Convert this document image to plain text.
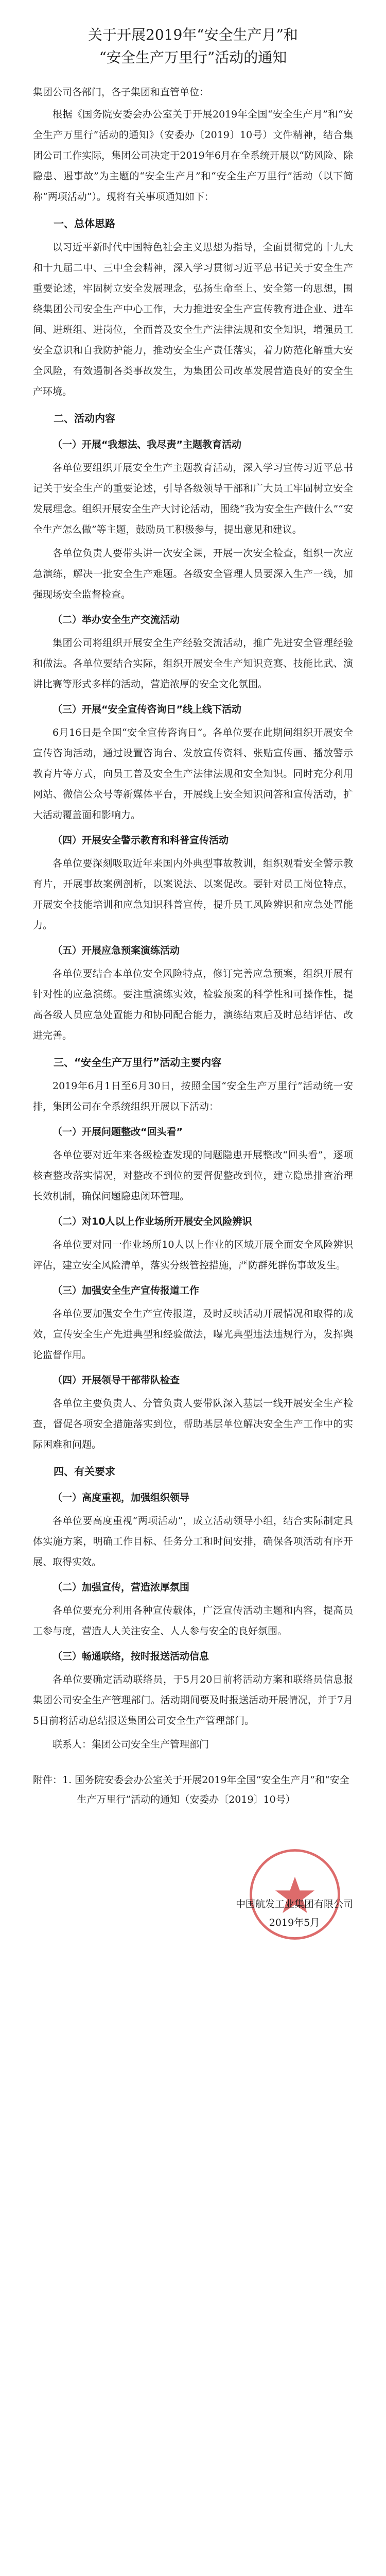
关于开展2019年“安全生产月”和
“安全生产万里行”活动的通知

集团公司各部门，各子集团和直管单位：

根据《国务院安委会办公室关于开展2019年全国“安全生产月”和“安全生产万里行”活动的通知》（安委办〔2019〕10号）文件精神，结合集团公司工作实际，集团公司决定于2019年6月在全系统开展以“防风险、除隐患、遏事故”为主题的“安全生产月”和“安全生产万里行”活动（以下简称“两项活动”）。现将有关事项通知如下：

一、总体思路

以习近平新时代中国特色社会主义思想为指导，全面贯彻党的十九大和十九届二中、三中全会精神，深入学习贯彻习近平总书记关于安全生产重要论述，牢固树立安全发展理念，弘扬生命至上、安全第一的思想，围绕集团公司安全生产中心工作，大力推进安全生产宣传教育进企业、进车间、进班组、进岗位，全面普及安全生产法律法规和安全知识，增强员工安全意识和自我防护能力，推动安全生产责任落实，着力防范化解重大安全风险，有效遏制各类事故发生，为集团公司改革发展营造良好的安全生产环境。

二、活动内容
（一）开展“我想法、我尽责”主题教育活动

各单位要组织开展安全生产主题教育活动，深入学习宣传习近平总书记关于安全生产的重要论述，引导各级领导干部和广大员工牢固树立安全发展理念。组织开展安全生产大讨论活动，围绕“我为安全生产做什么”“安全生产怎么做”等主题，鼓励员工积极参与，提出意见和建议。

各单位负责人要带头讲一次安全课，开展一次安全检查，组织一次应急演练，解决一批安全生产难题。各级安全管理人员要深入生产一线，加强现场安全监督检查。

（二）举办安全生产交流活动

集团公司将组织开展安全生产经验交流活动，推广先进安全管理经验和做法。各单位要结合实际，组织开展安全生产知识竞赛、技能比武、演讲比赛等形式多样的活动，营造浓厚的安全文化氛围。

（三）开展“安全宣传咨询日”线上线下活动

6月16日是全国“安全宣传咨询日”。各单位要在此期间组织开展安全宣传咨询活动，通过设置咨询台、发放宣传资料、张贴宣传画、播放警示教育片等方式，向员工普及安全生产法律法规和安全知识。同时充分利用网站、微信公众号等新媒体平台，开展线上安全知识问答和宣传活动，扩大活动覆盖面和影响力。

（四）开展安全警示教育和科普宣传活动

各单位要深刻吸取近年来国内外典型事故教训，组织观看安全警示教育片，开展事故案例剖析，以案说法、以案促改。要针对员工岗位特点，开展安全技能培训和应急知识科普宣传，提升员工风险辨识和应急处置能力。

（五）开展应急预案演练活动

各单位要结合本单位安全风险特点，修订完善应急预案，组织开展有针对性的应急演练。要注重演练实效，检验预案的科学性和可操作性，提高各级人员应急处置能力和协同配合能力，演练结束后及时总结评估、改进完善。

三、“安全生产万里行”活动主要内容

2019年6月1日至6月30日，按照全国“安全生产万里行”活动统一安排，集团公司在全系统组织开展以下活动：

（一）开展问题整改“回头看”

各单位要对近年来各级检查发现的问题隐患开展整改“回头看”，逐项核查整改落实情况，对整改不到位的要督促整改到位，建立隐患排查治理长效机制，确保问题隐患闭环管理。

（二）对10人以上作业场所开展安全风险辨识

各单位要对同一作业场所10人以上作业的区域开展全面安全风险辨识评估，建立安全风险清单，落实分级管控措施，严防群死群伤事故发生。

（三）加强安全生产宣传报道工作

各单位要加强安全生产宣传报道，及时反映活动开展情况和取得的成效，宣传安全生产先进典型和经验做法，曝光典型违法违规行为，发挥舆论监督作用。

（四）开展领导干部带队检查

各单位主要负责人、分管负责人要带队深入基层一线开展安全生产检查，督促各项安全措施落实到位，帮助基层单位解决安全生产工作中的实际困难和问题。

四、有关要求
（一）高度重视，加强组织领导

各单位要高度重视“两项活动”，成立活动领导小组，结合实际制定具体实施方案，明确工作目标、任务分工和时间安排，确保各项活动有序开展、取得实效。

（二）加强宣传，营造浓厚氛围

各单位要充分利用各种宣传载体，广泛宣传活动主题和内容，提高员工参与度，营造人人关注安全、人人参与安全的良好氛围。

（三）畅通联络，按时报送活动信息

各单位要确定活动联络员，于5月20日前将活动方案和联络员信息报集团公司安全生产管理部门。活动期间要及时报送活动开展情况，并于7月5日前将活动总结报送集团公司安全生产管理部门。

联系人：集团公司安全生产管理部门

附件：1. 国务院安委会办公室关于开展2019年全国“安全生产月”和“安全生产万里行”活动的通知（安委办〔2019〕10号）
中国航发工业集团有限公司
2019年5月
